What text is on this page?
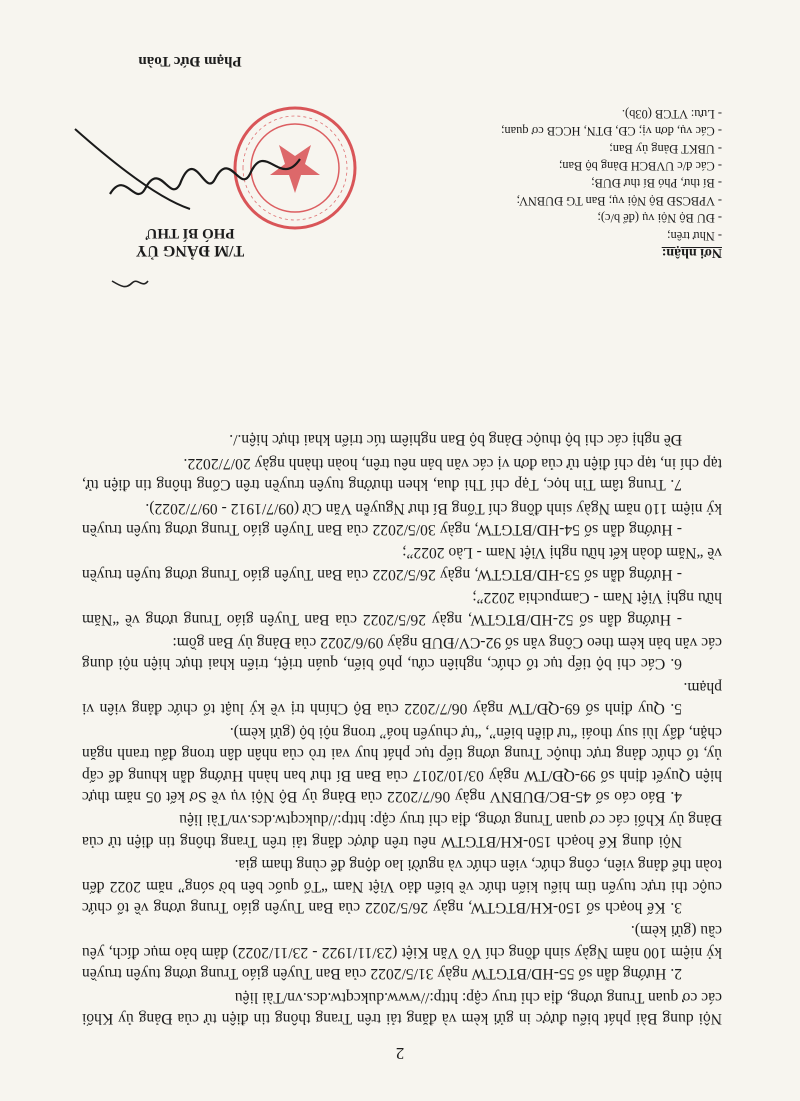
2

Nội dung Bài phát biểu được in gửi kèm và đăng tải trên Trang thông tin điện tử của Đảng ủy Khối các cơ quan Trung ương, địa chỉ truy cập: http://www.dukcqtw.dcs.vn/Tài liệu

2. Hướng dẫn số 55-HD/BTGTW ngày 31/5/2022 của Ban Tuyên giáo Trung ương tuyên truyền kỷ niệm 100 năm Ngày sinh đồng chí Võ Văn Kiệt (23/11/1922 - 23/11/2022) đảm bảo mục đích, yêu cầu (gửi kèm).

3. Kế hoạch số 150-KH/BTGTW, ngày 26/5/2022 của Ban Tuyên giáo Trung ương về tổ chức cuộc thi trực tuyến tìm hiểu kiến thức về biển đảo Việt Nam “Tổ quốc bên bờ sóng” năm 2022 đến toàn thể đảng viên, công chức, viên chức và người lao động để cùng tham gia.

Nội dung Kế hoạch 150-KH/BTGTW nêu trên được đăng tải trên Trang thông tin điện tử của Đảng ủy Khối các cơ quan Trung ương, địa chỉ truy cập: http://dukcqtw.dcs.vn/Tài liệu

4. Báo cáo số 45-BC/ĐUBNV ngày 06/7/2022 của Đảng ủy Bộ Nội vụ về Sơ kết 05 năm thực hiện Quyết định số 99-QĐ/TW ngày 03/10/2017 của Ban Bí thư ban hành Hướng dẫn khung để cấp ủy, tổ chức đảng trực thuộc Trung ương tiếp tục phát huy vai trò của nhân dân trong đấu tranh ngăn chặn, đẩy lùi suy thoái “tư diễn biến”, “tự chuyển hoá” trong nội bộ (gửi kèm).

5. Quy định số 69-QĐ/TW ngày 06/7/2022 của Bộ Chính trị về kỷ luật tổ chức đảng viên vi phạm.

6. Các chi bộ tiếp tục tổ chức, nghiên cứu, phổ biến, quán triệt, triển khai thực hiện nội dung các văn bản kèm theo Công văn số 92-CV/ĐUB ngày 09/6/2022 của Đảng ủy Ban gồm:

- Hướng dẫn số 52-HD/BTGTW, ngày 26/5/2022 của Ban Tuyên giáo Trung ương về “Năm hữu nghị Việt Nam - Campuchia 2022”;

- Hướng dẫn số 53-HD/BTGTW, ngày 26/5/2022 của Ban Tuyên giáo Trung ương tuyên truyền về “Năm đoàn kết hữu nghị Việt Nam - Lào 2022”;

- Hướng dẫn số 54-HD/BTGTW, ngày 30/5/2022 của Ban Tuyên giáo Trung ương tuyên truyền kỷ niệm 110 năm Ngày sinh đồng chí Tổng Bí thư Nguyễn Văn Cừ (09/7/1912 - 09/7/2022).

7. Trung tâm Tin học, Tạp chí Thi đua, khen thưởng tuyên truyền trên Cổng thông tin điện tử, tạp chí in, tạp chí điện tử của đơn vị các văn bản nêu trên, hoàn thành ngày 20/7/2022.

Đề nghị các chi bộ thuộc Đảng bộ Ban nghiêm túc triển khai thực hiện./.

Nơi nhận:
- Như trên;
- ĐU Bộ Nội vụ (để b/c);
- VPBCSĐ Bộ Nội vụ; Ban TG ĐUBNV;
- Bí thư, Phó Bí thư ĐUB;
- Các đ/c UVBCH Đảng bộ Ban;
- UBKT Đảng ủy Ban;
- Các vụ, đơn vị; CĐ, ĐTN, HCCB cơ quan;
- Lưu: VTCB (03b).
T/M ĐẢNG ỦY
PHÓ BÍ THƯ
Phạm Đức Toàn
